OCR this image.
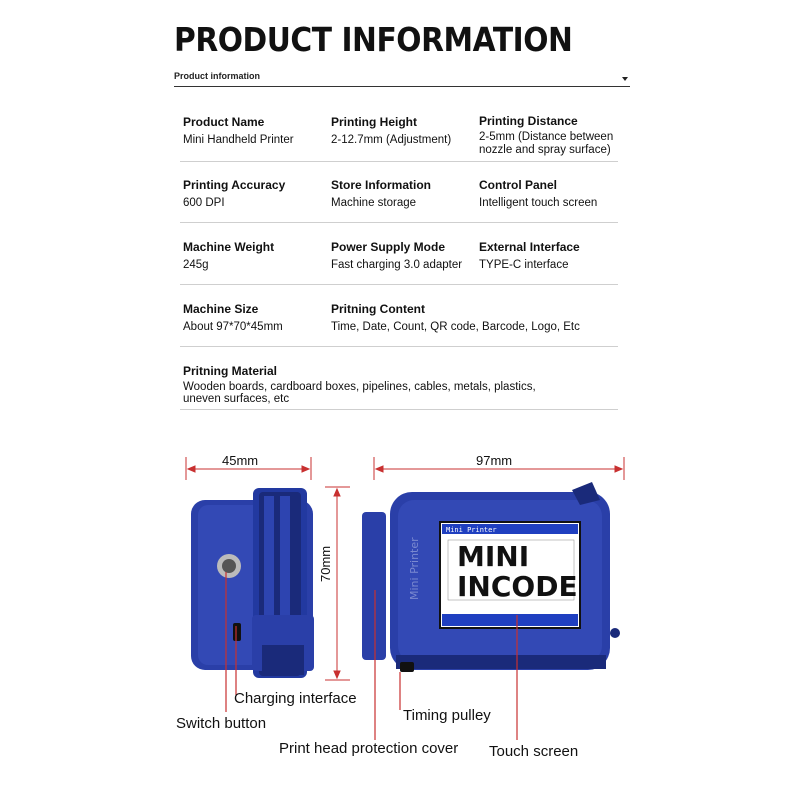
PRODUCT INFORMATION
Product information
Product Name
Mini Handheld Printer
Printing Height
2-12.7mm (Adjustment)
Printing Distance
2-5mm (Distance between
nozzle and spray surface)
Printing Accuracy
600 DPI
Store Information
Machine storage
Control Panel
Intelligent touch screen
Machine Weight
245g
Power Supply Mode
Fast charging 3.0 adapter
External Interface
TYPE-C interface
Machine Size
About 97*70*45mm
Pritning Content
Time, Date, Count, QR code, Barcode, Logo, Etc
Pritning Material
Wooden boards, cardboard boxes, pipelines, cables, metals, plastics,
uneven surfaces, etc
Mini Printer
Mini Printer
MINI
INCODE
45mm	97mm
70mm
Charging interface
Switch button	Timing pulley
Print head protection cover Touch screen
